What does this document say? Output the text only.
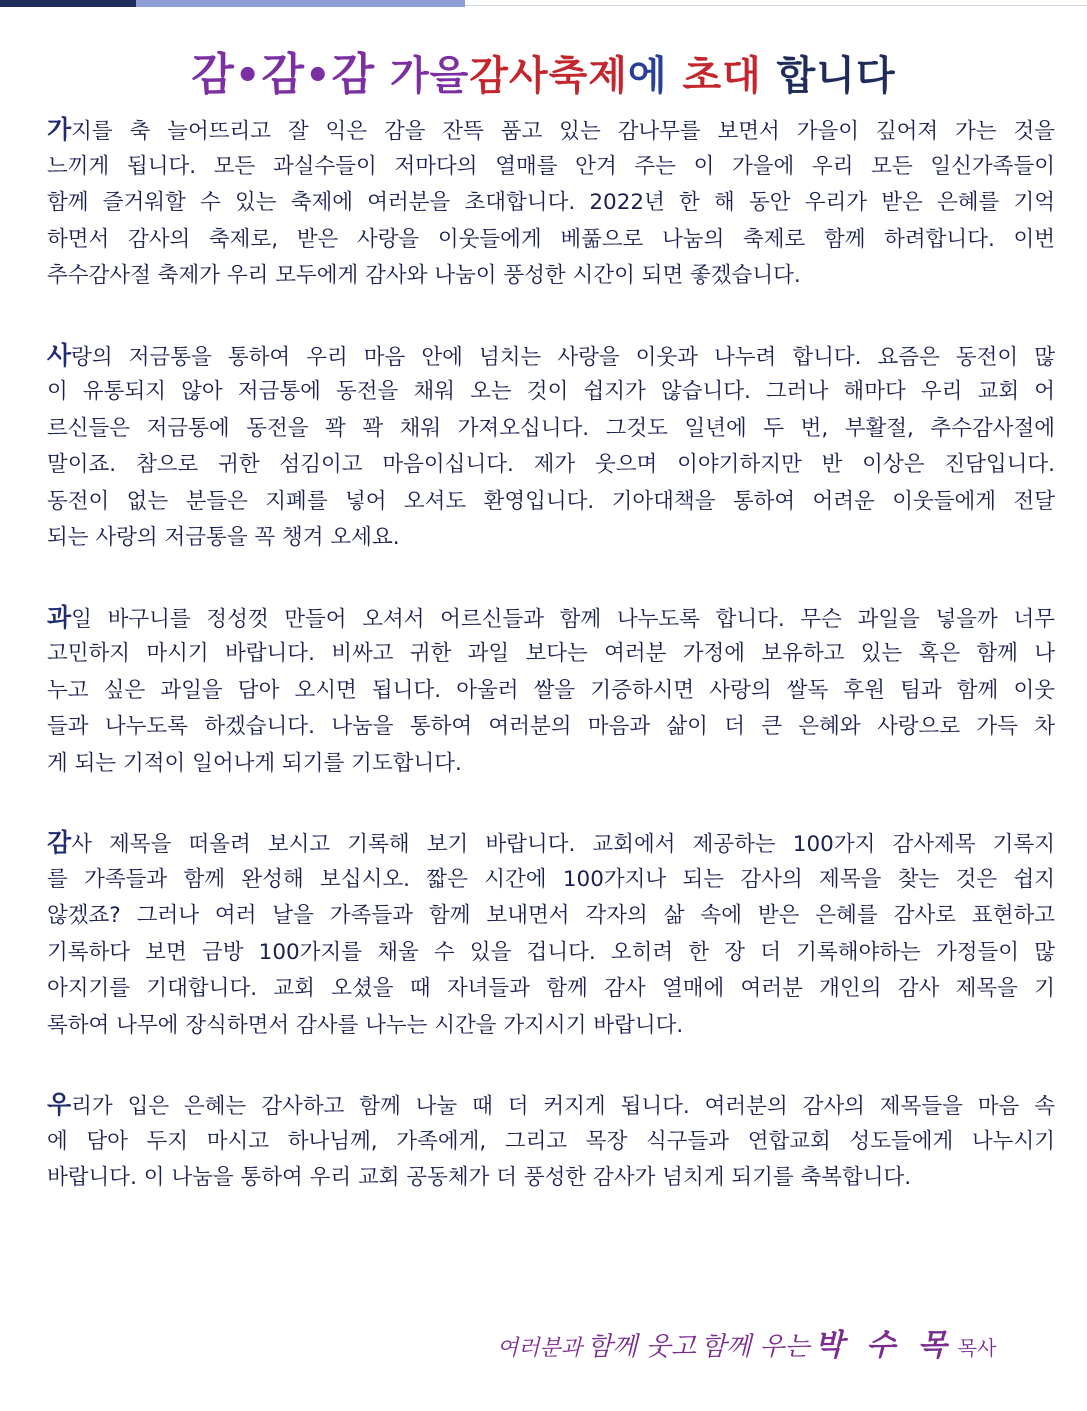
감•감•감 가을감사축제에 초대 합니다
가지를 축 늘어뜨리고 잘 익은 감을 잔뜩 품고 있는 감나무를 보면서 가을이 깊어져 가는 것을
느끼게 됩니다. 모든 과실수들이 저마다의 열매를 안겨 주는 이 가을에 우리 모든 일신가족들이
함께 즐거워할 수 있는 축제에 여러분을 초대합니다. 2022년 한 해 동안 우리가 받은 은혜를 기억
하면서 감사의 축제로, 받은 사랑을 이웃들에게 베풂으로 나눔의 축제로 함께 하려합니다. 이번
추수감사절 축제가 우리 모두에게 감사와 나눔이 풍성한 시간이 되면 좋겠습니다.
사랑의 저금통을 통하여 우리 마음 안에 넘치는 사랑을 이웃과 나누려 합니다. 요즘은 동전이 많
이 유통되지 않아 저금통에 동전을 채워 오는 것이 쉽지가 않습니다. 그러나 해마다 우리 교회 어
르신들은 저금통에 동전을 꽉 꽉 채워 가져오십니다. 그것도 일년에 두 번, 부활절, 추수감사절에
말이죠. 참으로 귀한 섬김이고 마음이십니다. 제가 웃으며 이야기하지만 반 이상은 진담입니다.
동전이 없는 분들은 지폐를 넣어 오셔도 환영입니다. 기아대책을 통하여 어려운 이웃들에게 전달
되는 사랑의 저금통을 꼭 챙겨 오세요.
과일 바구니를 정성껏 만들어 오셔서 어르신들과 함께 나누도록 합니다. 무슨 과일을 넣을까 너무
고민하지 마시기 바랍니다. 비싸고 귀한 과일 보다는 여러분 가정에 보유하고 있는 혹은 함께 나
누고 싶은 과일을 담아 오시면 됩니다. 아울러 쌀을 기증하시면 사랑의 쌀독 후원 팀과 함께 이웃
들과 나누도록 하겠습니다. 나눔을 통하여 여러분의 마음과 삶이 더 큰 은혜와 사랑으로 가득 차
게 되는 기적이 일어나게 되기를 기도합니다.
감사 제목을 떠올려 보시고 기록해 보기 바랍니다. 교회에서 제공하는 100가지 감사제목 기록지
를 가족들과 함께 완성해 보십시오. 짧은 시간에 100가지나 되는 감사의 제목을 찾는 것은 쉽지
않겠죠? 그러나 여러 날을 가족들과 함께 보내면서 각자의 삶 속에 받은 은혜를 감사로 표현하고
기록하다 보면 금방 100가지를 채울 수 있을 겁니다. 오히려 한 장 더 기록해야하는 가정들이 많
아지기를 기대합니다. 교회 오셨을 때 자녀들과 함께 감사 열매에 여러분 개인의 감사 제목을 기
록하여 나무에 장식하면서 감사를 나누는 시간을 가지시기 바랍니다.
우리가 입은 은혜는 감사하고 함께 나눌 때 더 커지게 됩니다. 여러분의 감사의 제목들을 마음 속
에 담아 두지 마시고 하나님께, 가족에게, 그리고 목장 식구들과 연합교회 성도들에게 나누시기
바랍니다. 이 나눔을 통하여 우리 교회 공동체가 더 풍성한 감사가 넘치게 되기를 축복합니다.
여러분과 함께 웃고 함께 우는 박 수 목 목사
